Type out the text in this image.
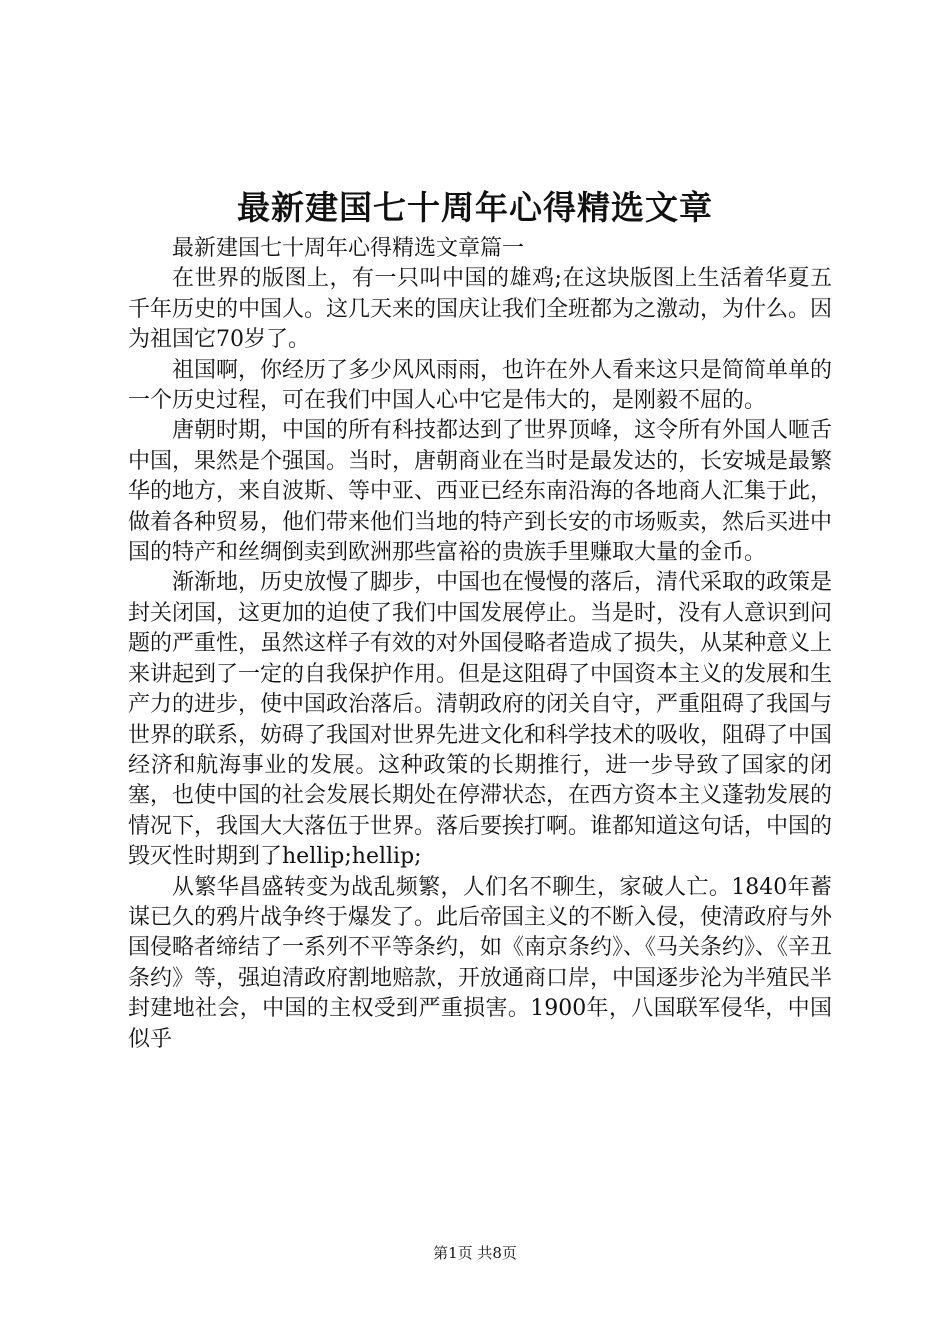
最新建国七十周年心得精选文章

最新建国七十周年心得精选文章篇一

在世界的版图上，有一只叫中国的雄鸡;在这块版图上生活着华夏五千年历史的中国人。这几天来的国庆让我们全班都为之激动，为什么。因为祖国它70岁了。

祖国啊，你经历了多少风风雨雨，也许在外人看来这只是简简单单的一个历史过程，可在我们中国人心中它是伟大的，是刚毅不屈的。

唐朝时期，中国的所有科技都达到了世界顶峰，这令所有外国人咂舌中国，果然是个强国。当时，唐朝商业在当时是最发达的，长安城是最繁华的地方，来自波斯、等中亚、西亚已经东南沿海的各地商人汇集于此，做着各种贸易，他们带来他们当地的特产到长安的市场贩卖，然后买进中国的特产和丝绸倒卖到欧洲那些富裕的贵族手里赚取大量的金币。

渐渐地，历史放慢了脚步，中国也在慢慢的落后，清代采取的政策是封关闭国，这更加的迫使了我们中国发展停止。当是时，没有人意识到问题的严重性，虽然这样子有效的对外国侵略者造成了损失，从某种意义上来讲起到了一定的自我保护作用。但是这阻碍了中国资本主义的发展和生产力的进步，使中国政治落后。清朝政府的闭关自守，严重阻碍了我国与世界的联系，妨碍了我国对世界先进文化和科学技术的吸收，阻碍了中国经济和航海事业的发展。这种政策的长期推行，进一步导致了国家的闭塞，也使中国的社会发展长期处在停滞状态，在西方资本主义蓬勃发展的情况下，我国大大落伍于世界。落后要挨打啊。谁都知道这句话，中国的毁灭性时期到了hellip;hellip;

从繁华昌盛转变为战乱频繁，人们名不聊生，家破人亡。1840年蓄谋已久的鸦片战争终于爆发了。此后帝国主义的不断入侵，使清政府与外国侵略者缔结了一系列不平等条约，如《南京条约》、《马关条约》、《辛丑条约》等，强迫清政府割地赔款，开放通商口岸，中国逐步沦为半殖民半封建地社会，中国的主权受到严重损害。1900年，八国联军侵华，中国似乎

第1页 共8页
